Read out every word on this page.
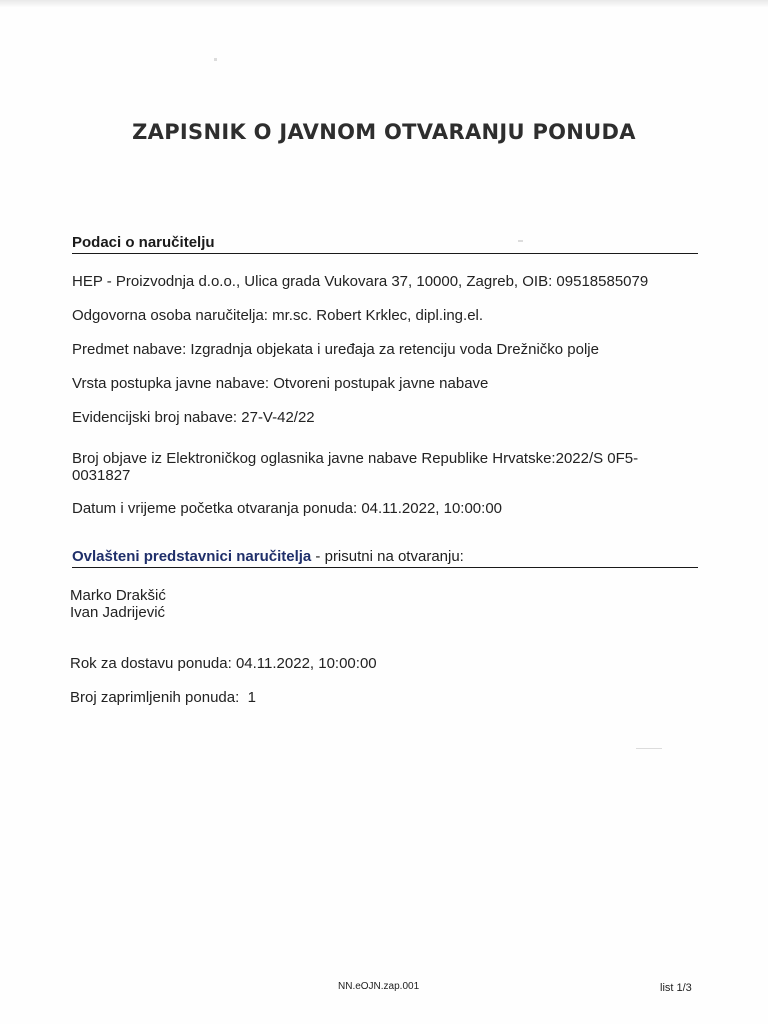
ZAPISNIK O JAVNOM OTVARANJU PONUDA
Podaci o naručitelju
HEP - Proizvodnja d.o.o., Ulica grada Vukovara 37, 10000, Zagreb, OIB: 09518585079
Odgovorna osoba naručitelja: mr.sc. Robert Krklec, dipl.ing.el.
Predmet nabave: Izgradnja objekata i uređaja za retenciju voda Drežničko polje
Vrsta postupka javne nabave: Otvoreni postupak javne nabave
Evidencijski broj nabave: 27-V-42/22
Broj objave iz Elektroničkog oglasnika javne nabave Republike Hrvatske:2022/S 0F5-0031827
Datum i vrijeme početka otvaranja ponuda: 04.11.2022, 10:00:00
Ovlašteni predstavnici naručitelja - prisutni na otvaranju:
Marko Drakšić
Ivan Jadrijević
Rok za dostavu ponuda: 04.11.2022, 10:00:00
Broj zaprimljenih ponuda:  1
NN.eOJN.zap.001	list 1/3
